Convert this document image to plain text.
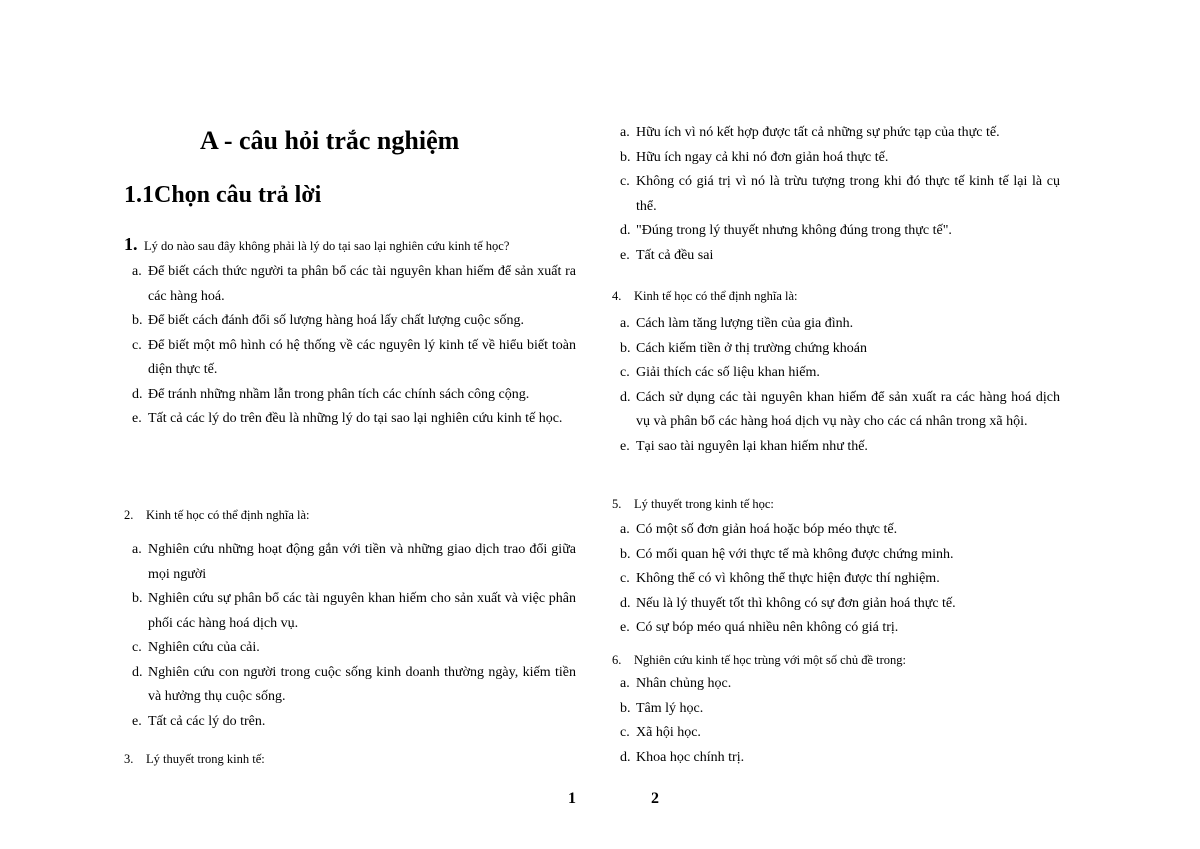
A - câu hỏi trắc nghiệm
1.1Chọn câu trả lời
1. Lý do nào sau đây không phải là lý do tại sao lại nghiên cứu kinh tế học?
a. Để biết cách thức người ta phân bổ các tài nguyên khan hiếm để sản xuất ra các hàng hoá.
b. Để biết cách đánh đổi số lượng hàng hoá lấy chất lượng cuộc sống.
c. Để biết một mô hình có hệ thống về các nguyên lý kinh tế về hiểu biết toàn diện thực tế.
d. Để tránh những nhầm lẫn trong phân tích các chính sách công cộng.
e. Tất cả các lý do trên đều là những lý do tại sao lại nghiên cứu kinh tế học.
2. Kinh tế học có thể định nghĩa là:
a. Nghiên cứu những hoạt động gắn với tiền và những giao dịch trao đổi giữa mọi người
b. Nghiên cứu sự phân bổ các tài nguyên khan hiếm cho sản xuất và việc phân phối các hàng hoá dịch vụ.
c. Nghiên cứu của cải.
d. Nghiên cứu con người trong cuộc sống kinh doanh thường ngày, kiếm tiền và hưởng thụ cuộc sống.
e. Tất cả các lý do trên.
3. Lý thuyết trong kinh tế:
a. Hữu ích vì nó kết hợp được tất cả những sự phức tạp của thực tế.
b. Hữu ích ngay cả khi nó đơn giản hoá thực tế.
c. Không có giá trị vì nó là trừu tượng trong khi đó thực tế kinh tế lại là cụ thể.
d. "Đúng trong lý thuyết nhưng không đúng trong thực tế".
e. Tất cả đều sai
4. Kinh tế học có thể định nghĩa là:
a. Cách làm tăng lượng tiền của gia đình.
b. Cách kiếm tiền ở thị trường chứng khoán
c. Giải thích các số liệu khan hiếm.
d. Cách sử dụng các tài nguyên khan hiếm để sản xuất ra các hàng hoá dịch vụ và phân bổ các hàng hoá dịch vụ này cho các cá nhân trong xã hội.
e. Tại sao tài nguyên lại khan hiếm như thế.
5. Lý thuyết trong kinh tế học:
a. Có một số đơn giản hoá hoặc bóp méo thực tế.
b. Có mối quan hệ với thực tế mà không được chứng minh.
c. Không thể có vì không thể thực hiện được thí nghiệm.
d. Nếu là lý thuyết tốt thì không có sự đơn giản hoá thực tế.
e. Có sự bóp méo quá nhiều nên không có giá trị.
6. Nghiên cứu kinh tế học trùng với một số chủ đề trong:
a. Nhân chủng học.
b. Tâm lý học.
c. Xã hội học.
d. Khoa học chính trị.
1	2
